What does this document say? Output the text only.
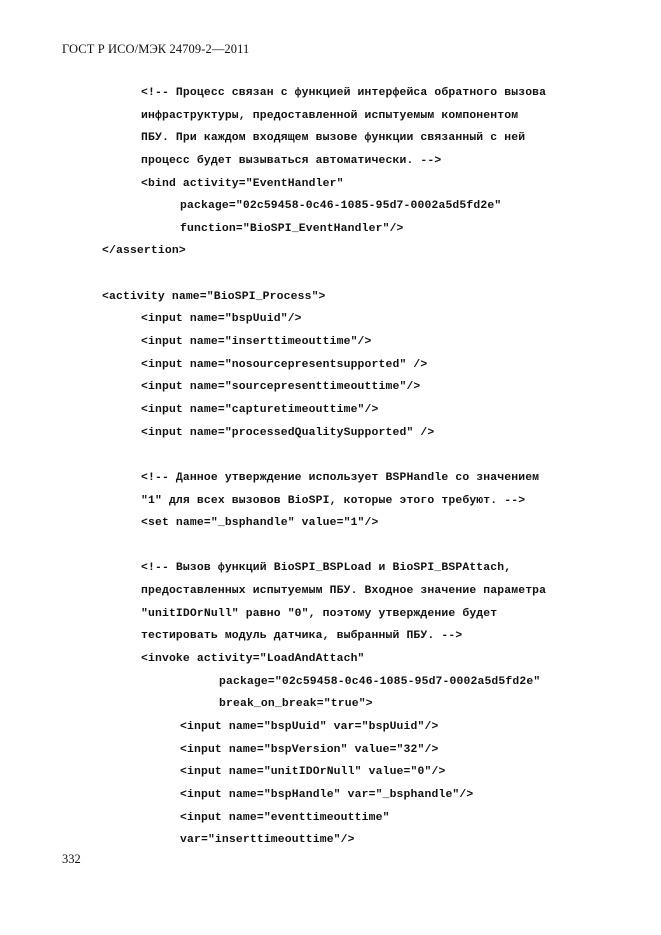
ГОСТ Р ИСО/МЭК 24709-2—2011
<!-- Процесс связан с функцией интерфейса обратного вызова
инфраструктуры, предоставленной испытуемым компонентом
ПБУ. При каждом входящем вызове функции связанный с ней
процесс будет вызываться автоматически. -->
<bind activity="EventHandler"
package="02c59458-0c46-1085-95d7-0002a5d5fd2e"
function="BioSPI_EventHandler"/>
</assertion>
<activity name="BioSPI_Process">
<input name="bspUuid"/>
<input name="inserttimeouttime"/>
<input name="nosourcepresentsupported" />
<input name="sourcepresenttimeouttime"/>
<input name="capturetimeouttime"/>
<input name="processedQualitySupported" />
<!-- Данное утверждение использует BSPHandle со значением
"1" для всех вызовов BioSPI, которые этого требуют. -->
<set name="_bsphandle" value="1"/>
<!-- Вызов функций BioSPI_BSPLoad и BioSPI_BSPAttach,
предоставленных испытуемым ПБУ. Входное значение параметра
"unitIDOrNull" равно "0", поэтому утверждение будет
тестировать модуль датчика, выбранный ПБУ. -->
<invoke activity="LoadAndAttach"
package="02c59458-0c46-1085-95d7-0002a5d5fd2e"
break_on_break="true">
<input name="bspUuid" var="bspUuid"/>
<input name="bspVersion" value="32"/>
<input name="unitIDOrNull" value="0"/>
<input name="bspHandle" var="_bsphandle"/>
<input name="eventtimeouttime"
var="inserttimeouttime"/>
332
